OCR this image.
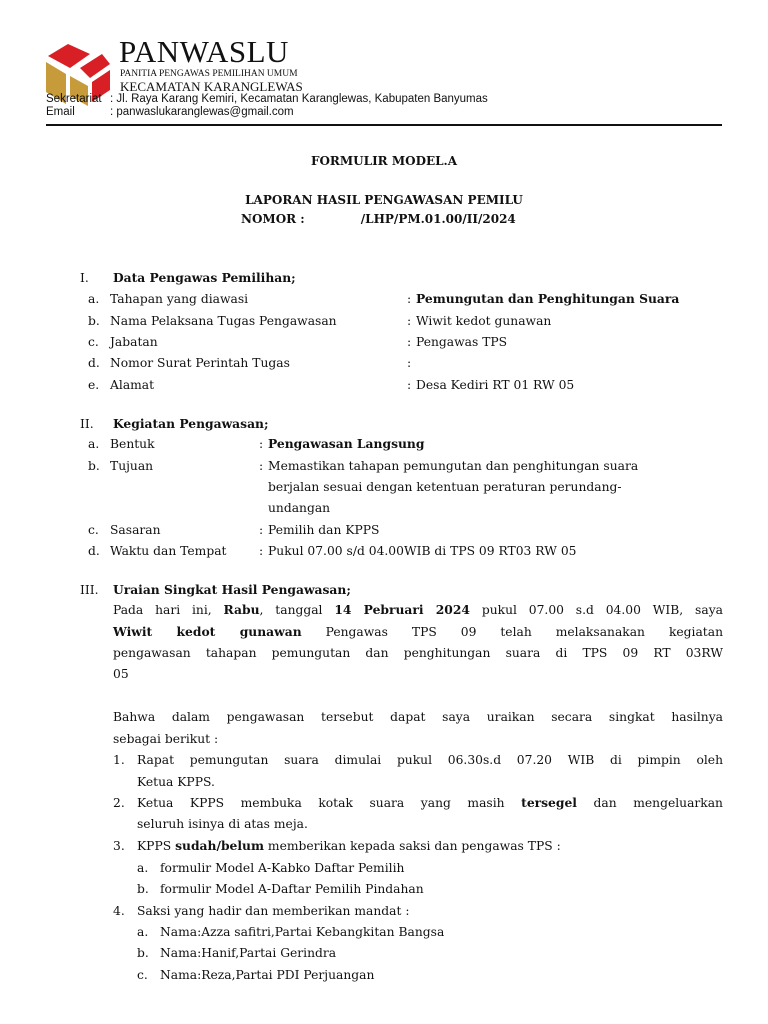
PANWASLU
PANITIA PENGAWAS PEMILIHAN UMUM
KECAMATAN KARANGLEWAS
Sekretariat : Jl. Raya Karang Kemiri, Kecamatan Karanglewas, Kabupaten Banyumas
Email	: panwaslukaranglewas@gmail.com
FORMULIR MODEL.A
LAPORAN HASIL PENGAWASAN PEMILU
NOMOR :	/LHP/PM.01.00/II/2024
I. Data Pengawas Pemilihan;
a. Tahapan yang diawasi	: Pemungutan dan Penghitungan Suara
b. Nama Pelaksana Tugas Pengawasan	: Wiwit kedot gunawan
c. Jabatan	: Pengawas TPS
d. Nomor Surat Perintah Tugas	:
e. Alamat	: Desa Kediri RT 01 RW 05
II. Kegiatan Pengawasan;
a. Bentuk	: Pengawasan Langsung
b. Tujuan	: Memastikan tahapan pemungutan dan penghitungan suara
berjalan sesuai dengan ketentuan peraturan perundang-
undangan
c. Sasaran	: Pemilih dan KPPS
d. Waktu dan Tempat	: Pukul 07.00 s/d 04.00WIB di TPS 09 RT03 RW 05
III. Uraian Singkat Hasil Pengawasan;
Pada hari ini, Rabu, tanggal 14 Pebruari 2024 pukul 07.00 s.d 04.00 WIB, saya
Wiwit kedot gunawan Pengawas TPS 09 telah melaksanakan kegiatan
pengawasan tahapan pemungutan dan penghitungan suara di TPS 09 RT 03RW
05
Bahwa dalam pengawasan tersebut dapat saya uraikan secara singkat hasilnya
sebagai berikut :
1. Rapat pemungutan suara dimulai pukul 06.30s.d 07.20 WIB di pimpin oleh
Ketua KPPS.
2. Ketua KPPS membuka kotak suara yang masih tersegel dan mengeluarkan
seluruh isinya di atas meja.
3. KPPS sudah/belum memberikan kepada saksi dan pengawas TPS :
a. formulir Model A-Kabko Daftar Pemilih
b. formulir Model A-Daftar Pemilih Pindahan
4. Saksi yang hadir dan memberikan mandat :
a. Nama:Azza safitri,Partai Kebangkitan Bangsa
b. Nama:Hanif,Partai Gerindra
c. Nama:Reza,Partai PDI Perjuangan
